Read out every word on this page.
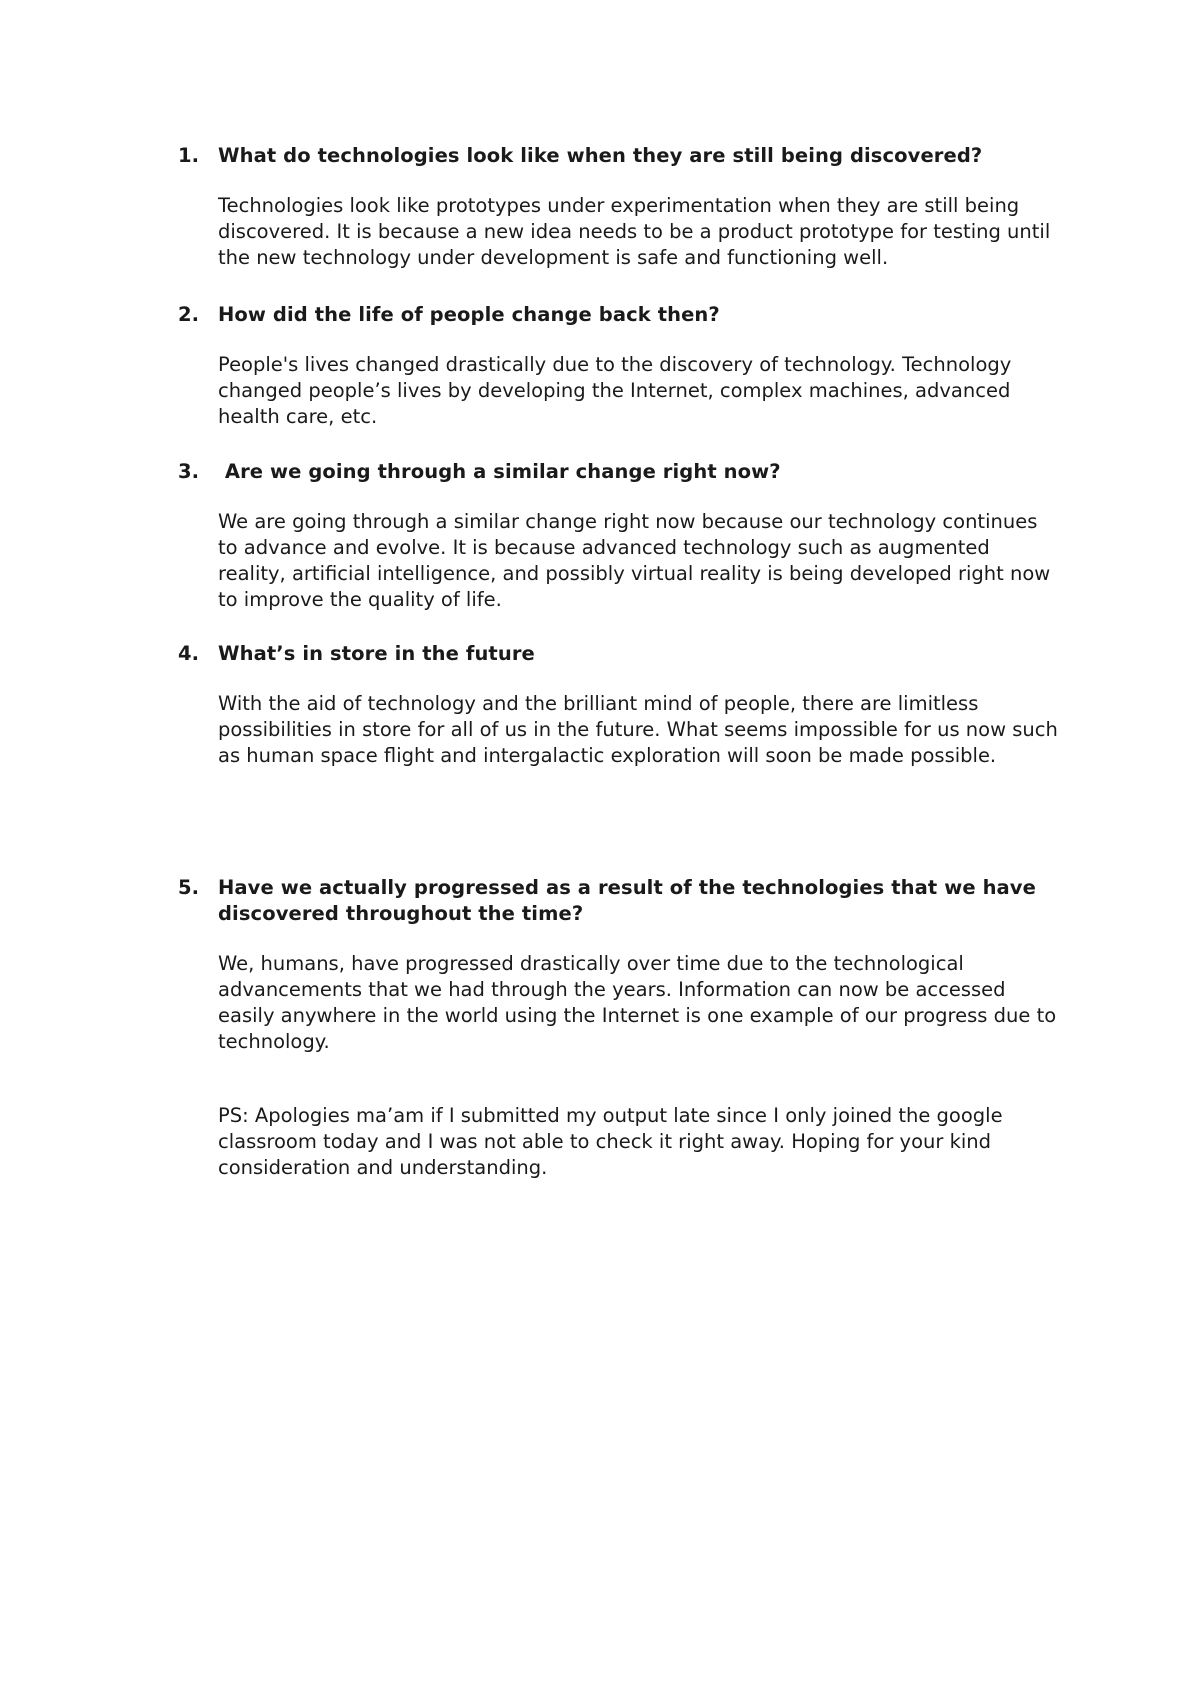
1. What do technologies look like when they are still being discovered?
Technologies look like prototypes under experimentation when they are still being discovered. It is because a new idea needs to be a product prototype for testing until the new technology under development is safe and functioning well.
2. How did the life of people change back then?
People's lives changed drastically due to the discovery of technology. Technology changed people’s lives by developing the Internet, complex machines, advanced health care, etc.
3. Are we going through a similar change right now?
We are going through a similar change right now because our technology continues to advance and evolve. It is because advanced technology such as augmented reality, artificial intelligence, and possibly virtual reality is being developed right now to improve the quality of life.
4. What’s in store in the future
With the aid of technology and the brilliant mind of people, there are limitless possibilities in store for all of us in the future. What seems impossible for us now such as human space flight and intergalactic exploration will soon be made possible.
5. Have we actually progressed as a result of the technologies that we have discovered throughout the time?
We, humans, have progressed drastically over time due to the technological advancements that we had through the years. Information can now be accessed easily anywhere in the world using the Internet is one example of our progress due to technology.
PS: Apologies ma’am if I submitted my output late since I only joined the google classroom today and I was not able to check it right away. Hoping for your kind consideration and understanding.
